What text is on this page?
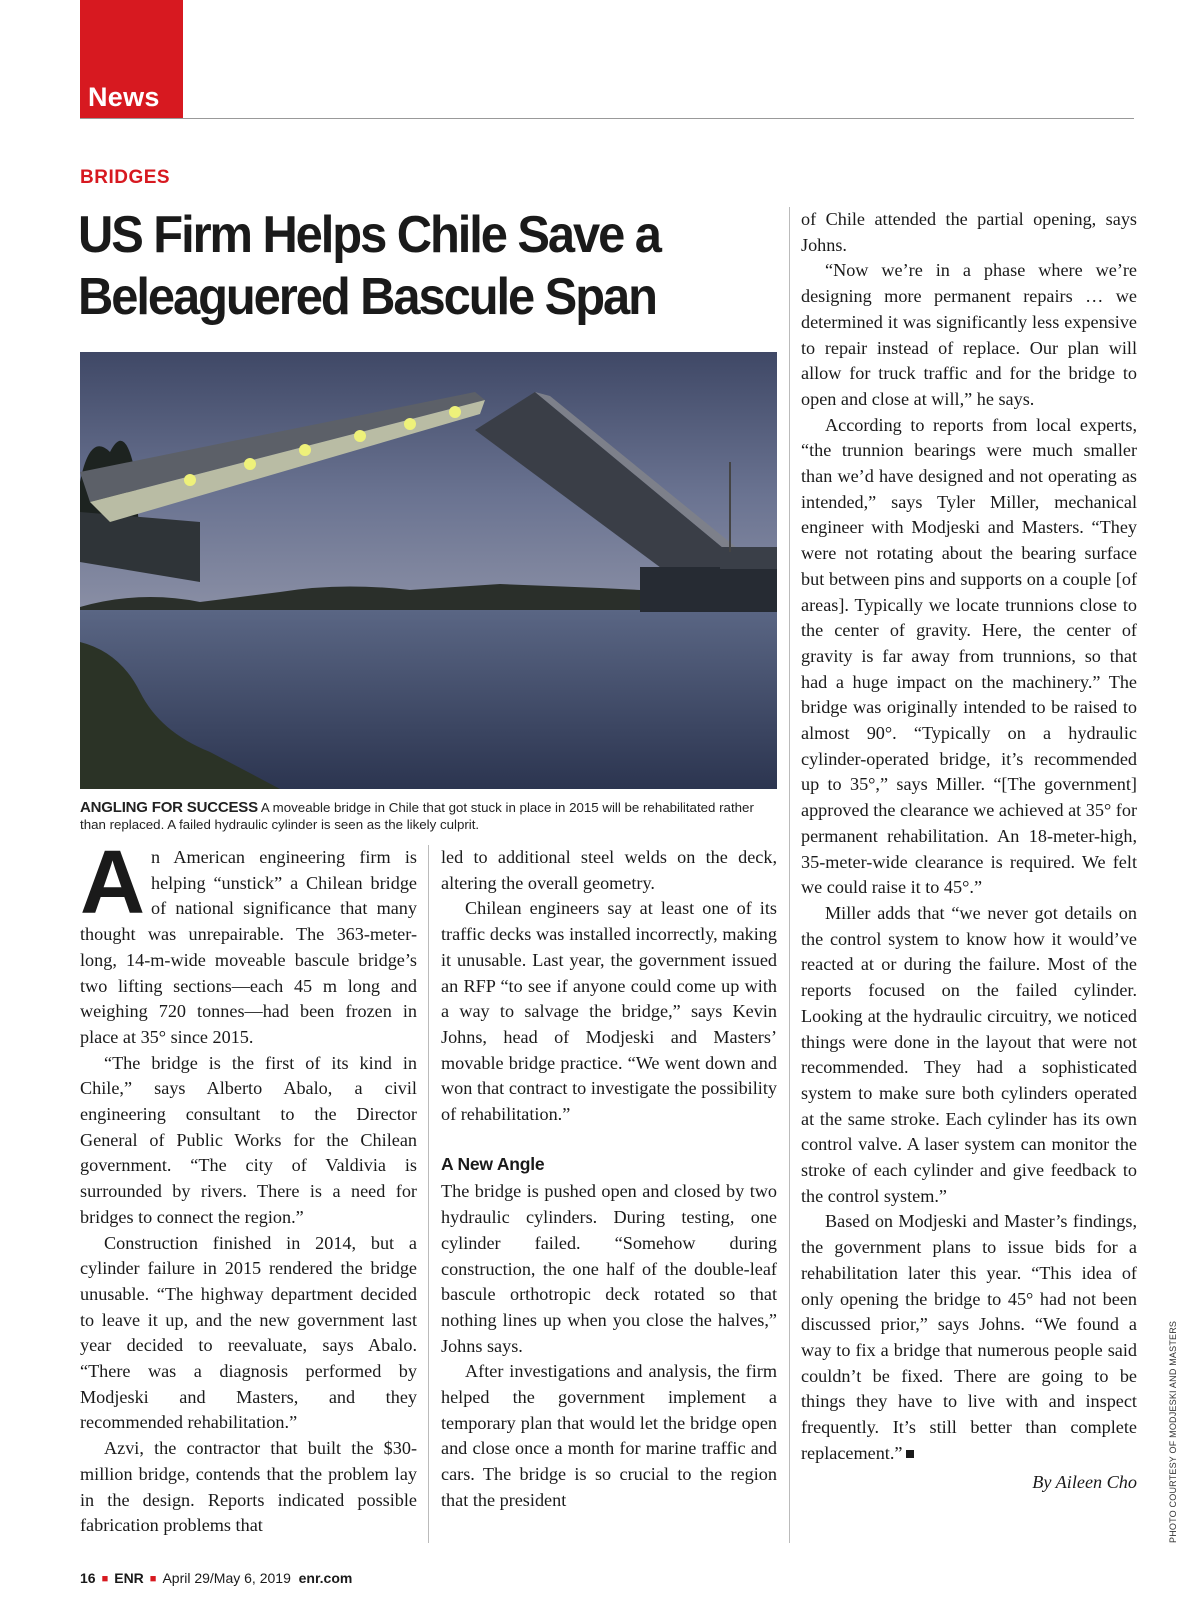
News
BRIDGES
US Firm Helps Chile Save a Beleaguered Bascule Span
ANGLING FOR SUCCESS A moveable bridge in Chile that got stuck in place in 2015 will be rehabilitated rather than replaced. A failed hydraulic cylinder is seen as the likely culprit.
A n American engineering firm is helping “unstick” a Chilean bridge of national significance that many thought was unrepairable. The 363-meter-long, 14-m-wide moveable bascule bridge’s two lifting sections—each 45 m long and weighing 720 tonnes—had been frozen in place at 35° since 2015.

“The bridge is the first of its kind in Chile,” says Alberto Abalo, a civil engineering consultant to the Director General of Public Works for the Chilean government. “The city of Valdivia is surrounded by rivers. There is a need for bridges to connect the region.”

Construction finished in 2014, but a cylinder failure in 2015 rendered the bridge unusable. “The highway department decided to leave it up, and the new government last year decided to reevaluate, says Abalo. “There was a diagnosis performed by Modjeski and Masters, and they recommended rehabilitation.”

Azvi, the contractor that built the $30-million bridge, contends that the problem lay in the design. Reports indicated possible fabrication problems that

led to additional steel welds on the deck, altering the overall geometry.

Chilean engineers say at least one of its traffic decks was installed incorrectly, making it unusable. Last year, the government issued an RFP “to see if anyone could come up with a way to salvage the bridge,” says Kevin Johns, head of Modjeski and Masters’ movable bridge practice. “We went down and won that contract to investigate the possibility of rehabilitation.”

A New Angle

The bridge is pushed open and closed by two hydraulic cylinders. During testing, one cylinder failed. “Somehow during construction, the one half of the double-leaf bascule orthotropic deck rotated so that nothing lines up when you close the halves,” Johns says.

After investigations and analysis, the firm helped the government implement a temporary plan that would let the bridge open and close once a month for marine traffic and cars. The bridge is so crucial to the region that the president

of Chile attended the partial opening, says Johns.

“Now we’re in a phase where we’re designing more permanent repairs … we determined it was significantly less expensive to repair instead of replace. Our plan will allow for truck traffic and for the bridge to open and close at will,” he says.

According to reports from local experts, “the trunnion bearings were much smaller than we’d have designed and not operating as intended,” says Tyler Miller, mechanical engineer with Modjeski and Masters. “They were not rotating about the bearing surface but between pins and supports on a couple [of areas]. Typically we locate trunnions close to the center of gravity. Here, the center of gravity is far away from trunnions, so that had a huge impact on the machinery.” The bridge was originally intended to be raised to almost 90°. “Typically on a hydraulic cylinder-operated bridge, it’s recommended up to 35°,” says Miller. “[The government] approved the clearance we achieved at 35° for permanent rehabilitation. An 18-meter-high, 35-meter-wide clearance is required. We felt we could raise it to 45°.”

Miller adds that “we never got details on the control system to know how it would’ve reacted at or during the failure. Most of the reports focused on the failed cylinder. Looking at the hydraulic circuitry, we noticed things were done in the layout that were not recommended. They had a sophisticated system to make sure both cylinders operated at the same stroke. Each cylinder has its own control valve. A laser system can monitor the stroke of each cylinder and give feedback to the control system.”

Based on Modjeski and Master’s findings, the government plans to issue bids for a rehabilitation later this year. “This idea of only opening the bridge to 45° had not been discussed prior,” says Johns. “We found a way to fix a bridge that numerous people said couldn’t be fixed. There are going to be things they have to live with and inspect frequently. It’s still better than complete replacement.”

By Aileen Cho	PHOTO COURTESY OF MODJESKI AND MASTERS
16 ■ ENR ■ April 29/May 6, 2019 enr.com
